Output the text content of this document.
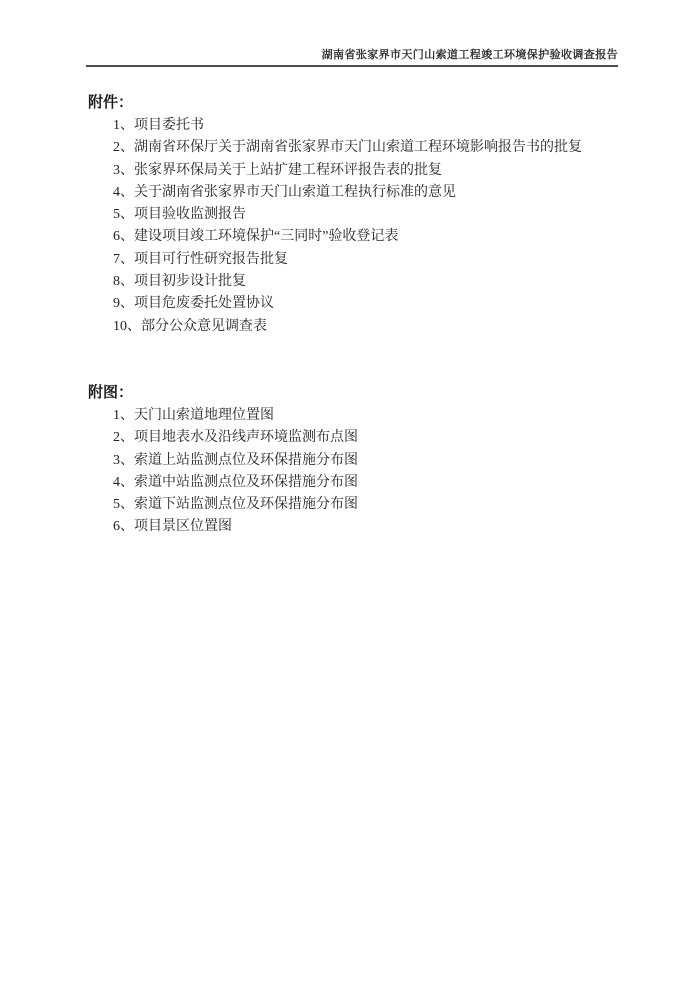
湖南省张家界市天门山索道工程竣工环境保护验收调查报告
附件：
1、项目委托书
2、湖南省环保厅关于湖南省张家界市天门山索道工程环境影响报告书的批复
3、张家界环保局关于上站扩建工程环评报告表的批复
4、关于湖南省张家界市天门山索道工程执行标准的意见
5、项目验收监测报告
6、建设项目竣工环境保护“三同时”验收登记表
7、项目可行性研究报告批复
8、项目初步设计批复
9、项目危废委托处置协议
10、部分公众意见调查表
附图：
1、天门山索道地理位置图
2、项目地表水及沿线声环境监测布点图
3、索道上站监测点位及环保措施分布图
4、索道中站监测点位及环保措施分布图
5、索道下站监测点位及环保措施分布图
6、项目景区位置图
